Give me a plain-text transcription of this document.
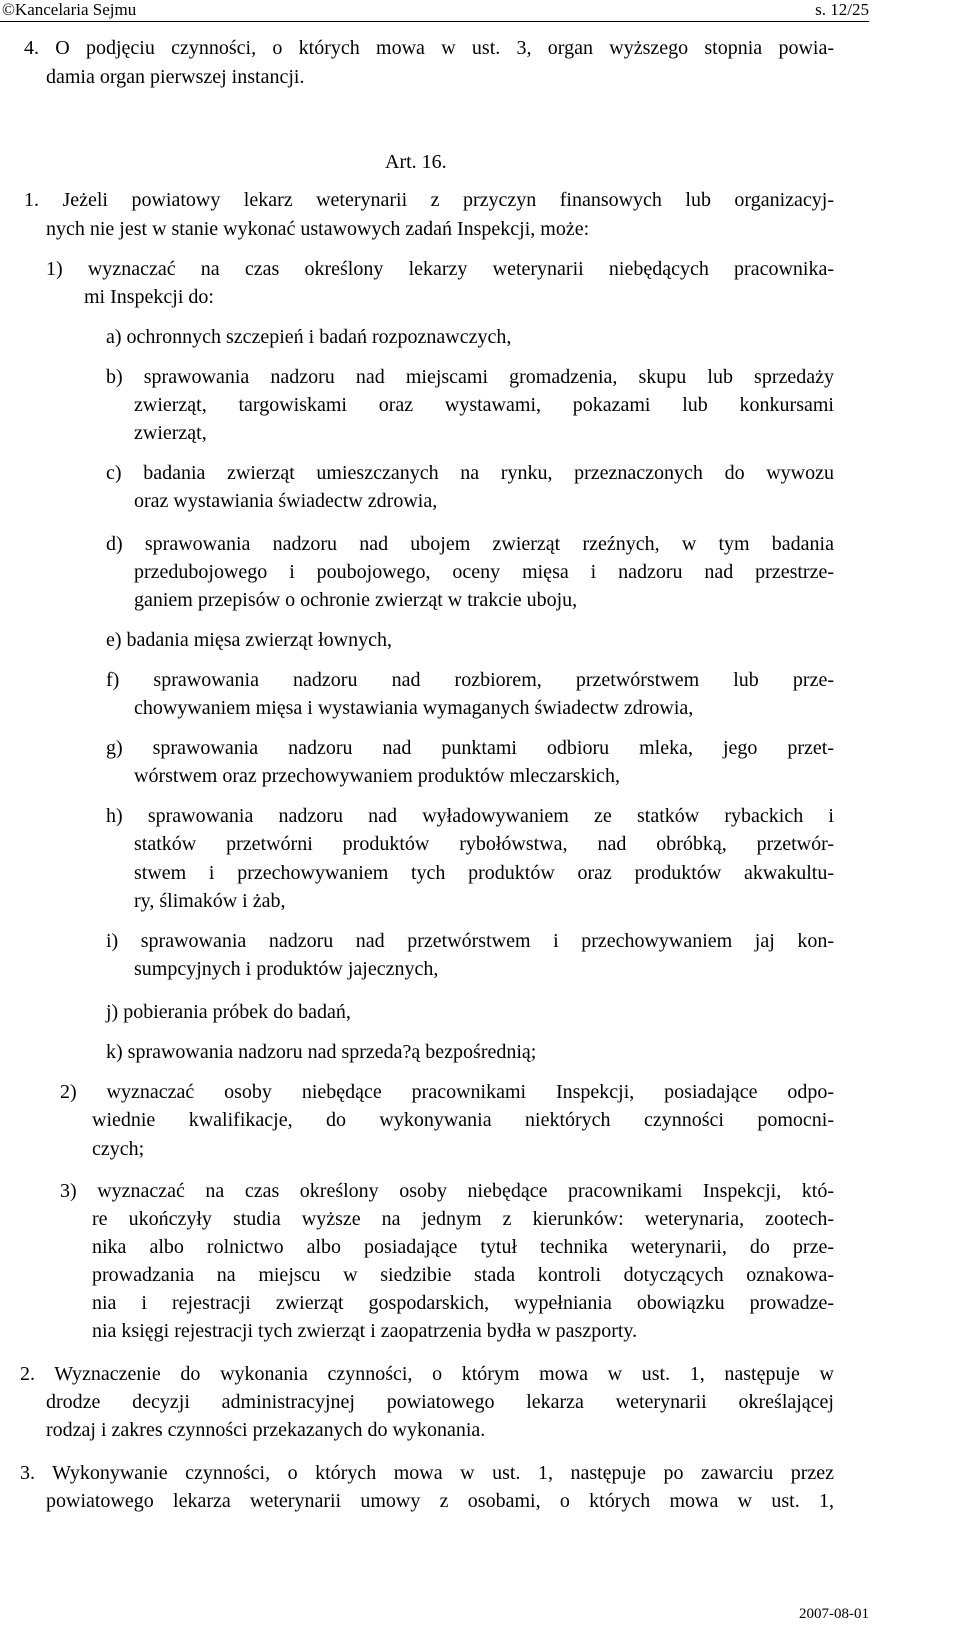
©Kancelaria Sejmu	s. 12/25
4. O podjęciu czynności, o których mowa w ust. 3, organ wyższego stopnia powia-
damia organ pierwszej instancji.
Art. 16.
1. Jeżeli powiatowy lekarz weterynarii z przyczyn finansowych lub organizacyj-
nych nie jest w stanie wykonać ustawowych zadań Inspekcji, może:
1) wyznaczać na czas określony lekarzy weterynarii niebędących pracownika-
mi Inspekcji do:
a) ochronnych szczepień i badań rozpoznawczych,
b) sprawowania nadzoru nad miejscami gromadzenia, skupu lub sprzedaży
zwierząt, targowiskami oraz wystawami, pokazami lub konkursami
zwierząt,
c) badania zwierząt umieszczanych na rynku, przeznaczonych do wywozu
oraz wystawiania świadectw zdrowia,
d) sprawowania nadzoru nad ubojem zwierząt rzeźnych, w tym badania
przedubojowego i poubojowego, oceny mięsa i nadzoru nad przestrze-
ganiem przepisów o ochronie zwierząt w trakcie uboju,
e) badania mięsa zwierząt łownych,
f) sprawowania nadzoru nad rozbiorem, przetwórstwem lub prze-
chowywaniem mięsa i wystawiania wymaganych świadectw zdrowia,
g) sprawowania nadzoru nad punktami odbioru mleka, jego przet-
wórstwem oraz przechowywaniem produktów mleczarskich,
h) sprawowania nadzoru nad wyładowywaniem ze statków rybackich i
statków przetwórni produktów rybołówstwa, nad obróbką, przetwór-
stwem i przechowywaniem tych produktów oraz produktów akwakultu-
ry, ślimaków i żab,
i) sprawowania nadzoru nad przetwórstwem i przechowywaniem jaj kon-
sumpcyjnych i produktów jajecznych,
j) pobierania próbek do badań,
k) sprawowania nadzoru nad sprzeda?ą bezpośrednią;
2) wyznaczać osoby niebędące pracownikami Inspekcji, posiadające odpo-
wiednie kwalifikacje, do wykonywania niektórych czynności pomocni-
czych;
3) wyznaczać na czas określony osoby niebędące pracownikami Inspekcji, któ-
re ukończyły studia wyższe na jednym z kierunków: weterynaria, zootech-
nika albo rolnictwo albo posiadające tytuł technika weterynarii, do prze-
prowadzania na miejscu w siedzibie stada kontroli dotyczących oznakowa-
nia i rejestracji zwierząt gospodarskich, wypełniania obowiązku prowadze-
nia księgi rejestracji tych zwierząt i zaopatrzenia bydła w paszporty.
2. Wyznaczenie do wykonania czynności, o którym mowa w ust. 1, następuje w
drodze decyzji administracyjnej powiatowego lekarza weterynarii określającej
rodzaj i zakres czynności przekazanych do wykonania.
3. Wykonywanie czynności, o których mowa w ust. 1, następuje po zawarciu przez
powiatowego lekarza weterynarii umowy z osobami, o których mowa w ust. 1,
2007-08-01
